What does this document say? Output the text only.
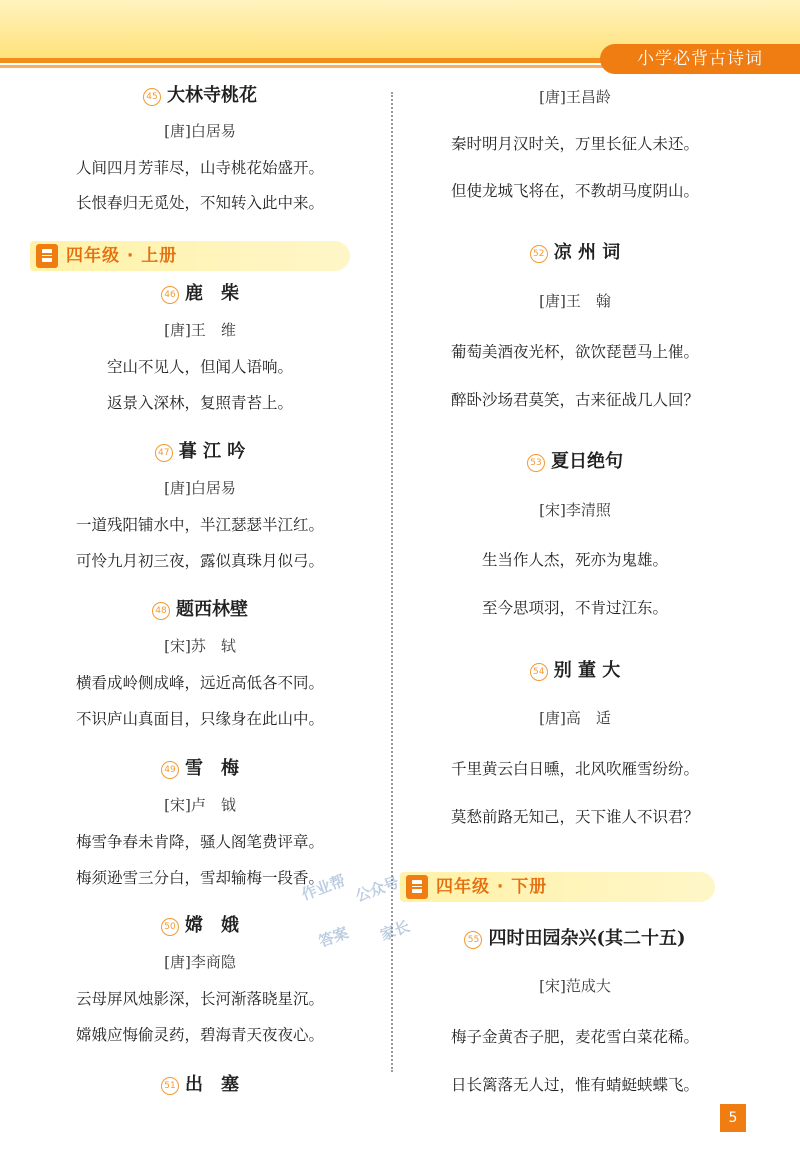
小学必背古诗词
45 大林寺桃花
[唐]白居易
人间四月芳菲尽，山寺桃花始盛开。
长恨春归无觅处，不知转入此中来。
四年级 · 上册
46 鹿　柴
[唐]王　维
空山不见人，但闻人语响。
返景入深林，复照青苔上。
47 暮 江 吟
[唐]白居易
一道残阳铺水中，半江瑟瑟半江红。
可怜九月初三夜，露似真珠月似弓。
48 题西林壁
[宋]苏　轼
横看成岭侧成峰，远近高低各不同。
不识庐山真面目，只缘身在此山中。
49 雪　梅
[宋]卢　钺
梅雪争春未肯降，骚人阁笔费评章。
梅须逊雪三分白，雪却输梅一段香。
50 嫦　娥
[唐]李商隐
云母屏风烛影深，长河渐落晓星沉。
嫦娥应悔偷灵药，碧海青天夜夜心。
51 出　塞
[唐]王昌龄
秦时明月汉时关，万里长征人未还。
但使龙城飞将在，不教胡马度阴山。
52 凉 州 词
[唐]王　翰
葡萄美酒夜光杯，欲饮琵琶马上催。
醉卧沙场君莫笑，古来征战几人回？
53 夏日绝句
[宋]李清照
生当作人杰，死亦为鬼雄。
至今思项羽，不肯过江东。
54 别 董 大
[唐]高　适
千里黄云白日曛，北风吹雁雪纷纷。
莫愁前路无知己，天下谁人不识君？
四年级 · 下册
55 四时田园杂兴(其二十五)
[宋]范成大
梅子金黄杏子肥，麦花雪白菜花稀。
日长篱落无人过，惟有蜻蜓蛱蝶飞。
作业帮 公众号
答案 家长
5
